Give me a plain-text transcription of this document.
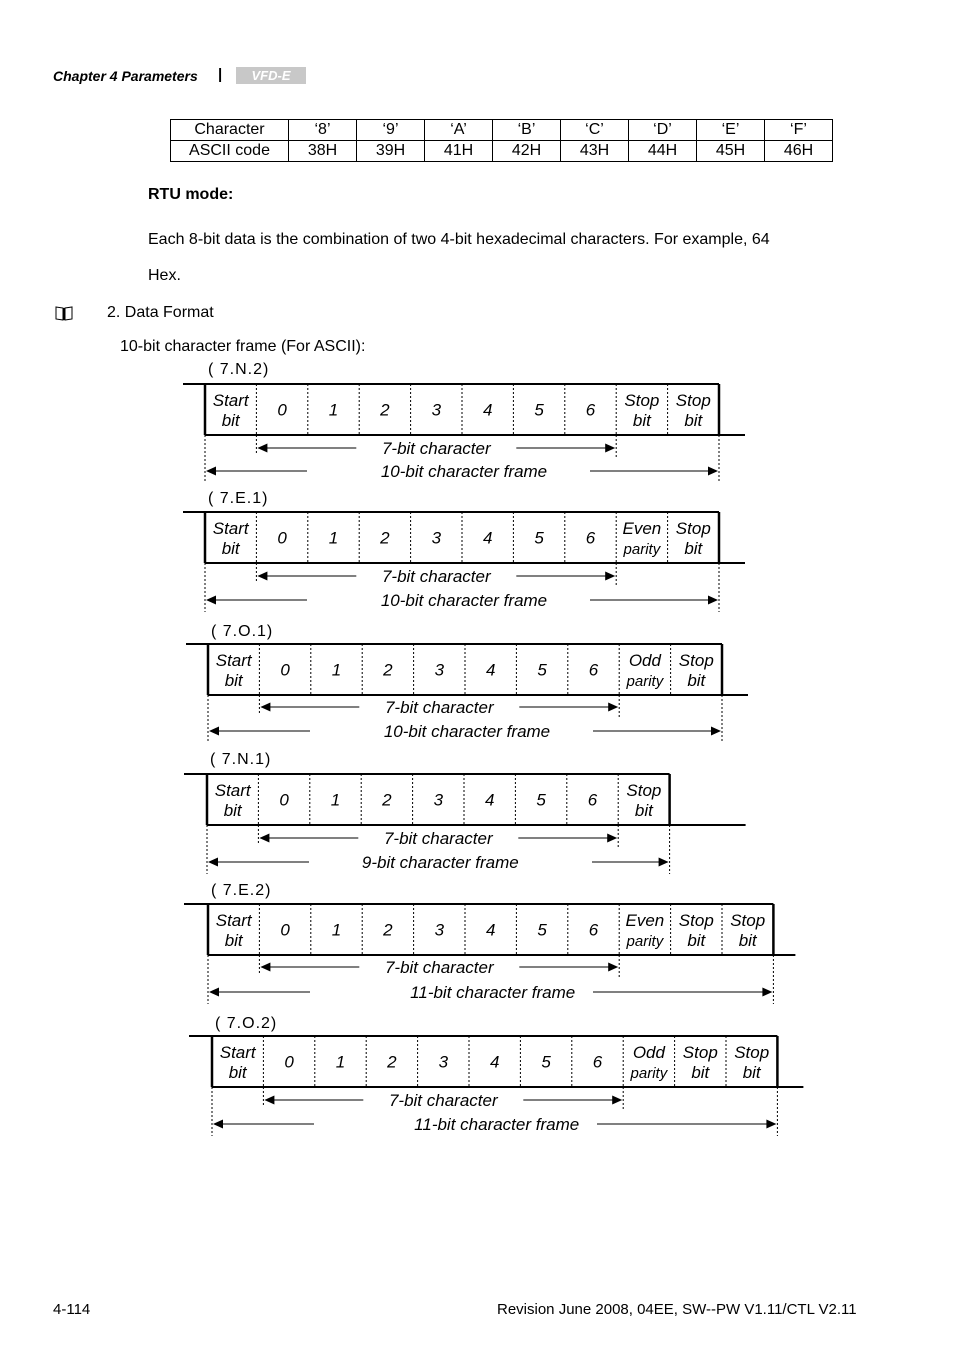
Chapter 4 Parameters | VFD-E
Character	‘8’	‘9’	‘A’	‘B’	‘C’	‘D’	‘E’	‘F’
ASCII code	38H	39H	41H	42H	43H	44H	45H	46H
RTU mode:
Each 8-bit data is the combination of two 4-bit hexadecimal characters. For example, 64
Hex.
2. Data Format
10-bit character frame (For ASCII):
( 7.N.2)
Start
bit
0 1 2 3 4 5 6 Stop
bit
Stop
bit
7-bit character
10-bit character frame
( 7.E.1)
Start
bit
0 1 2 3 4 5 6 Even
parity
Stop
bit
7-bit character
10-bit character frame
( 7.O.1)
Start
bit
0 1 2 3 4 5 6 Odd
parity
Stop
bit
7-bit character
10-bit character frame
( 7.N.1)
Start
bit
0 1 2 3 4 5 6 Stop
bit
7-bit character
9-bit character frame
( 7.E.2)
Start
bit
0 1 2 3 4 5 6 Even
parity
Stop
bit
Stop
bit
7-bit character
11-bit character frame
( 7.O.2)
Start
bit
0 1 2 3 4 5 6 Odd
parity
Stop
bit
Stop
bit
7-bit character
11-bit character frame
4-114	Revision June 2008, 04EE, SW--PW V1.11/CTL V2.11
